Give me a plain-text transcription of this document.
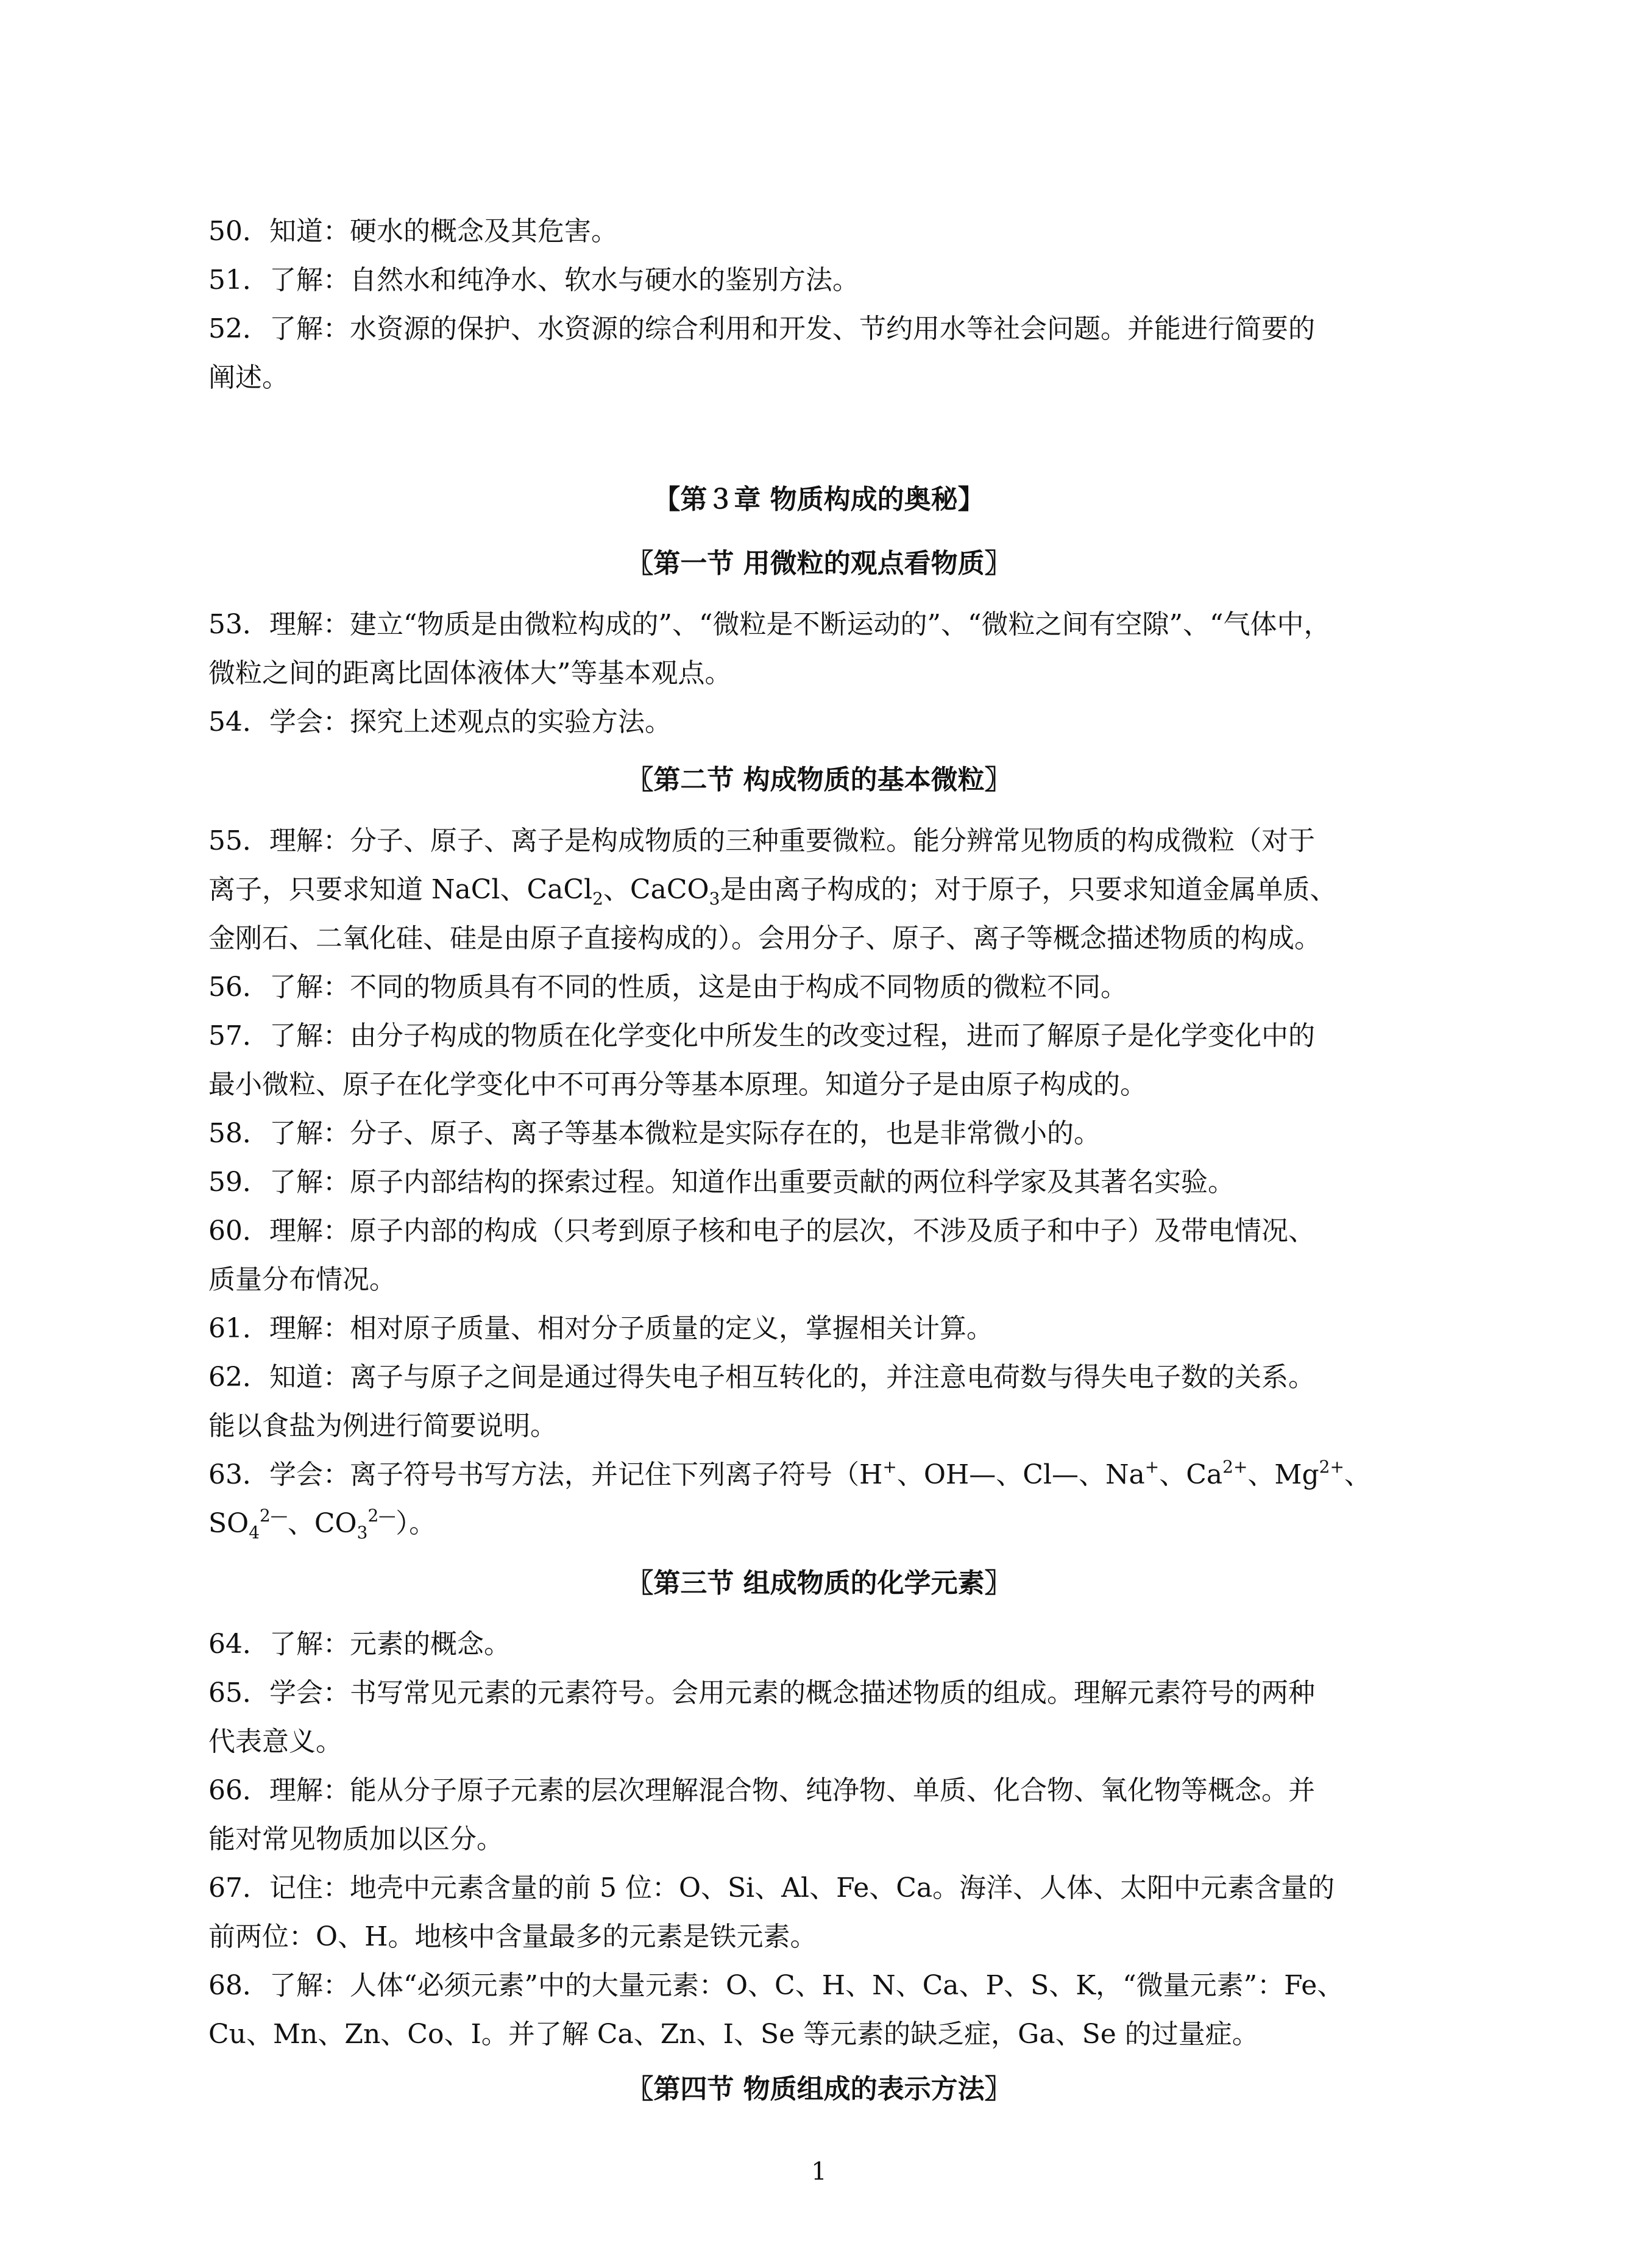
50．知道：硬水的概念及其危害。
51．了解：自然水和纯净水、软水与硬水的鉴别方法。
52．了解：水资源的保护、水资源的综合利用和开发、节约用水等社会问题。并能进行简要的
阐述。
【第３章 物质构成的奥秘】
〖第一节 用微粒的观点看物质〗
53．理解：建立“物质是由微粒构成的”、“微粒是不断运动的”、“微粒之间有空隙”、“气体中，
微粒之间的距离比固体液体大”等基本观点。
54．学会：探究上述观点的实验方法。
〖第二节 构成物质的基本微粒〗
55．理解：分子、原子、离子是构成物质的三种重要微粒。能分辨常见物质的构成微粒（对于
离子，只要求知道 NaCl、CaCl$_2$、CaCO$_3$是由离子构成的；对于原子，只要求知道金属单质、
金刚石、二氧化硅、硅是由原子直接构成的）。会用分子、原子、离子等概念描述物质的构成。
56．了解：不同的物质具有不同的性质，这是由于构成不同物质的微粒不同。
57．了解：由分子构成的物质在化学变化中所发生的改变过程，进而了解原子是化学变化中的
最小微粒、原子在化学变化中不可再分等基本原理。知道分子是由原子构成的。
58．了解：分子、原子、离子等基本微粒是实际存在的，也是非常微小的。
59．了解：原子内部结构的探索过程。知道作出重要贡献的两位科学家及其著名实验。
60．理解：原子内部的构成（只考到原子核和电子的层次，不涉及质子和中子）及带电情况、
质量分布情况。
61．理解：相对原子质量、相对分子质量的定义，掌握相关计算。
62．知道：离子与原子之间是通过得失电子相互转化的，并注意电荷数与得失电子数的关系。
能以食盐为例进行简要说明。
63．学会：离子符号书写方法，并记住下列离子符号（H+、OH—、Cl—、Na+、$Ca^{2+}$、$Mg^{2+}$、
$SO_4^{2—}$、$CO_3^{2—}$）。
〖第三节 组成物质的化学元素〗
64．了解：元素的概念。
65．学会：书写常见元素的元素符号。会用元素的概念描述物质的组成。理解元素符号的两种
代表意义。
66．理解：能从分子原子元素的层次理解混合物、纯净物、单质、化合物、氧化物等概念。并
能对常见物质加以区分。
67．记住：地壳中元素含量的前 5 位：O、Si、Al、Fe、Ca。海洋、人体、太阳中元素含量的
前两位：O、H。地核中含量最多的元素是铁元素。
68．了解：人体“必须元素”中的大量元素：O、C、H、N、Ca、P、S、K，“微量元素”：Fe、
Cu、Mn、Zn、Co、I。并了解 Ca、Zn、I、Se 等元素的缺乏症，Ga、Se 的过量症。
〖第四节 物质组成的表示方法〗
1
